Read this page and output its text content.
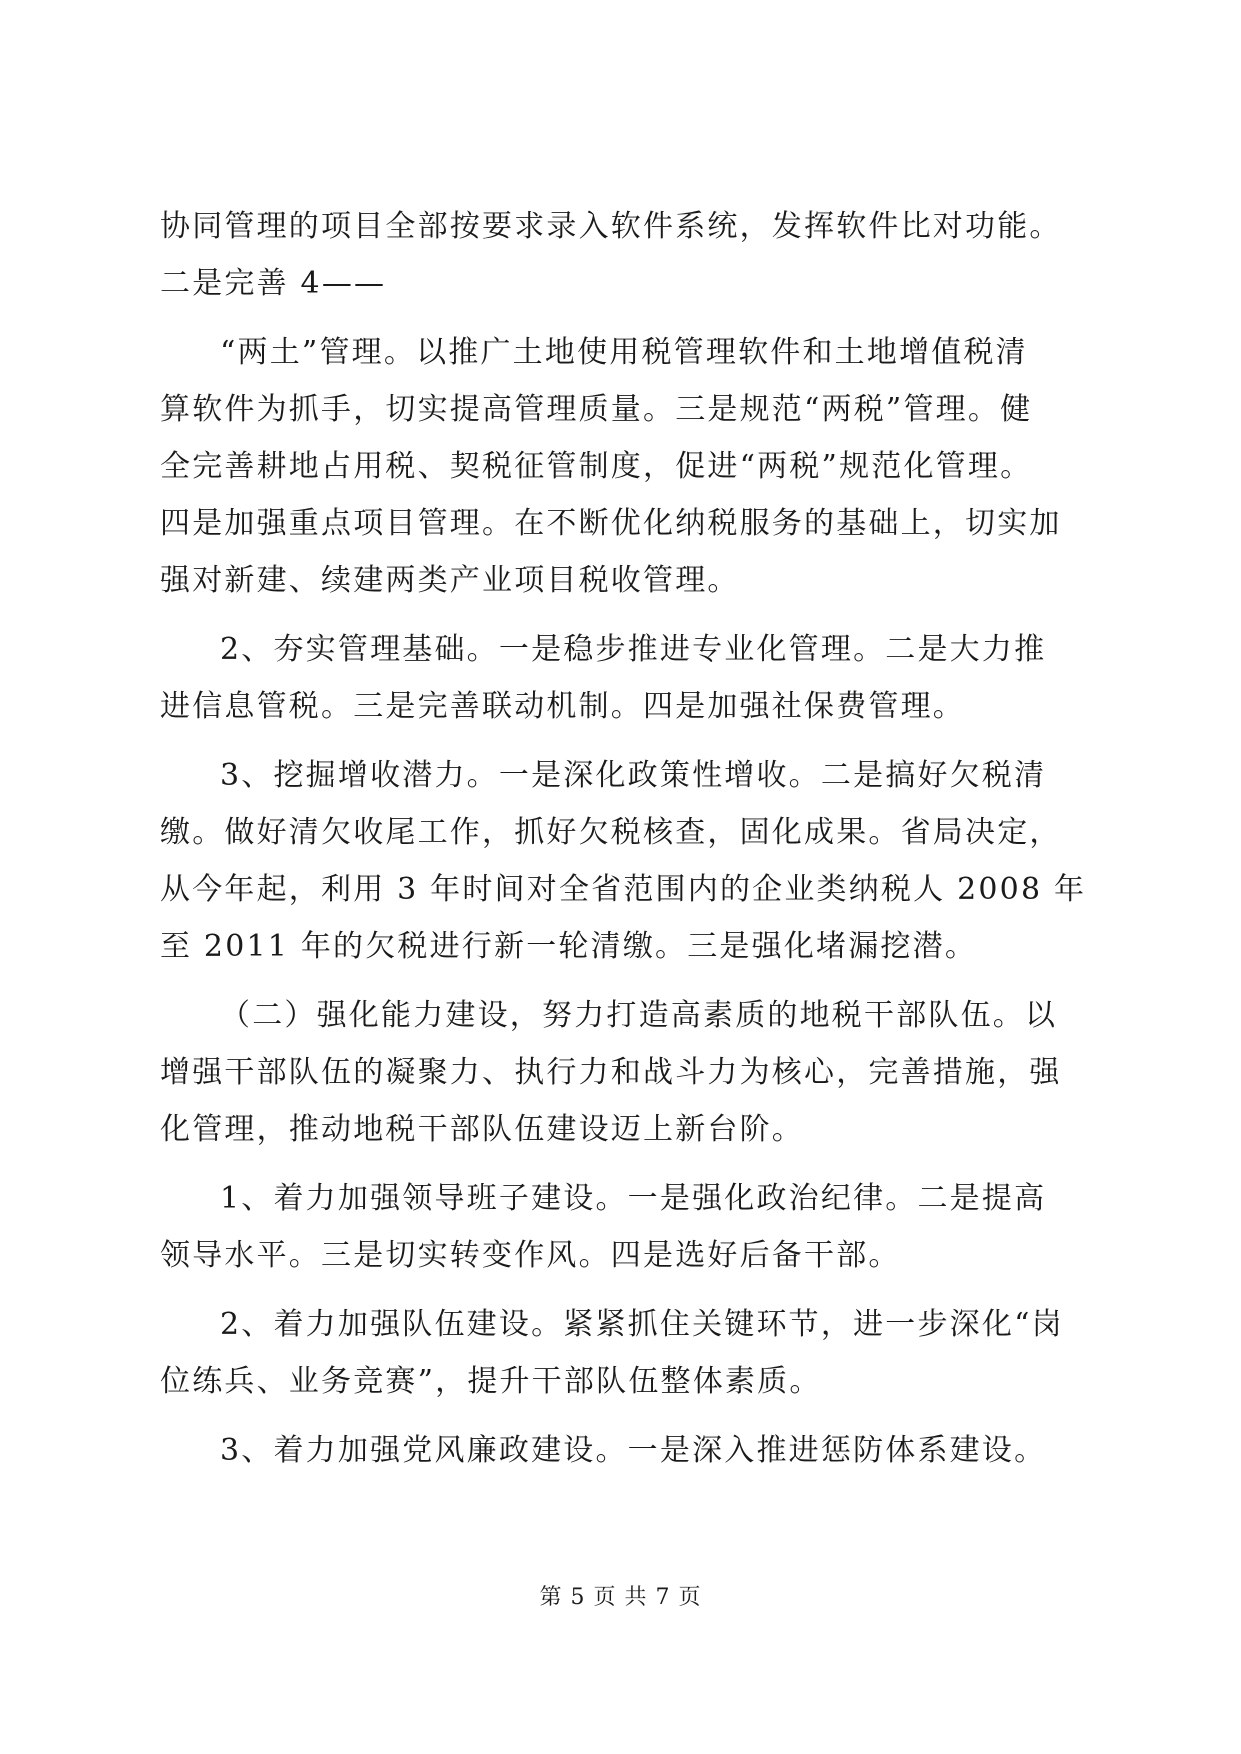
协同管理的项目全部按要求录入软件系统，发挥软件比对功能。
二是完善 4——
“两土”管理。以推广土地使用税管理软件和土地增值税清
算软件为抓手，切实提高管理质量。三是规范“两税”管理。健
全完善耕地占用税、契税征管制度，促进“两税”规范化管理。
四是加强重点项目管理。在不断优化纳税服务的基础上，切实加
强对新建、续建两类产业项目税收管理。
2、夯实管理基础。一是稳步推进专业化管理。二是大力推
进信息管税。三是完善联动机制。四是加强社保费管理。
3、挖掘增收潜力。一是深化政策性增收。二是搞好欠税清
缴。做好清欠收尾工作，抓好欠税核查，固化成果。省局决定，
从今年起，利用 3 年时间对全省范围内的企业类纳税人 2008 年
至 2011 年的欠税进行新一轮清缴。三是强化堵漏挖潜。
（二）强化能力建设，努力打造高素质的地税干部队伍。以
增强干部队伍的凝聚力、执行力和战斗力为核心，完善措施，强
化管理，推动地税干部队伍建设迈上新台阶。
1、着力加强领导班子建设。一是强化政治纪律。二是提高
领导水平。三是切实转变作风。四是选好后备干部。
2、着力加强队伍建设。紧紧抓住关键环节，进一步深化“岗
位练兵、业务竞赛”，提升干部队伍整体素质。
3、着力加强党风廉政建设。一是深入推进惩防体系建设。
第 5 页 共 7 页
